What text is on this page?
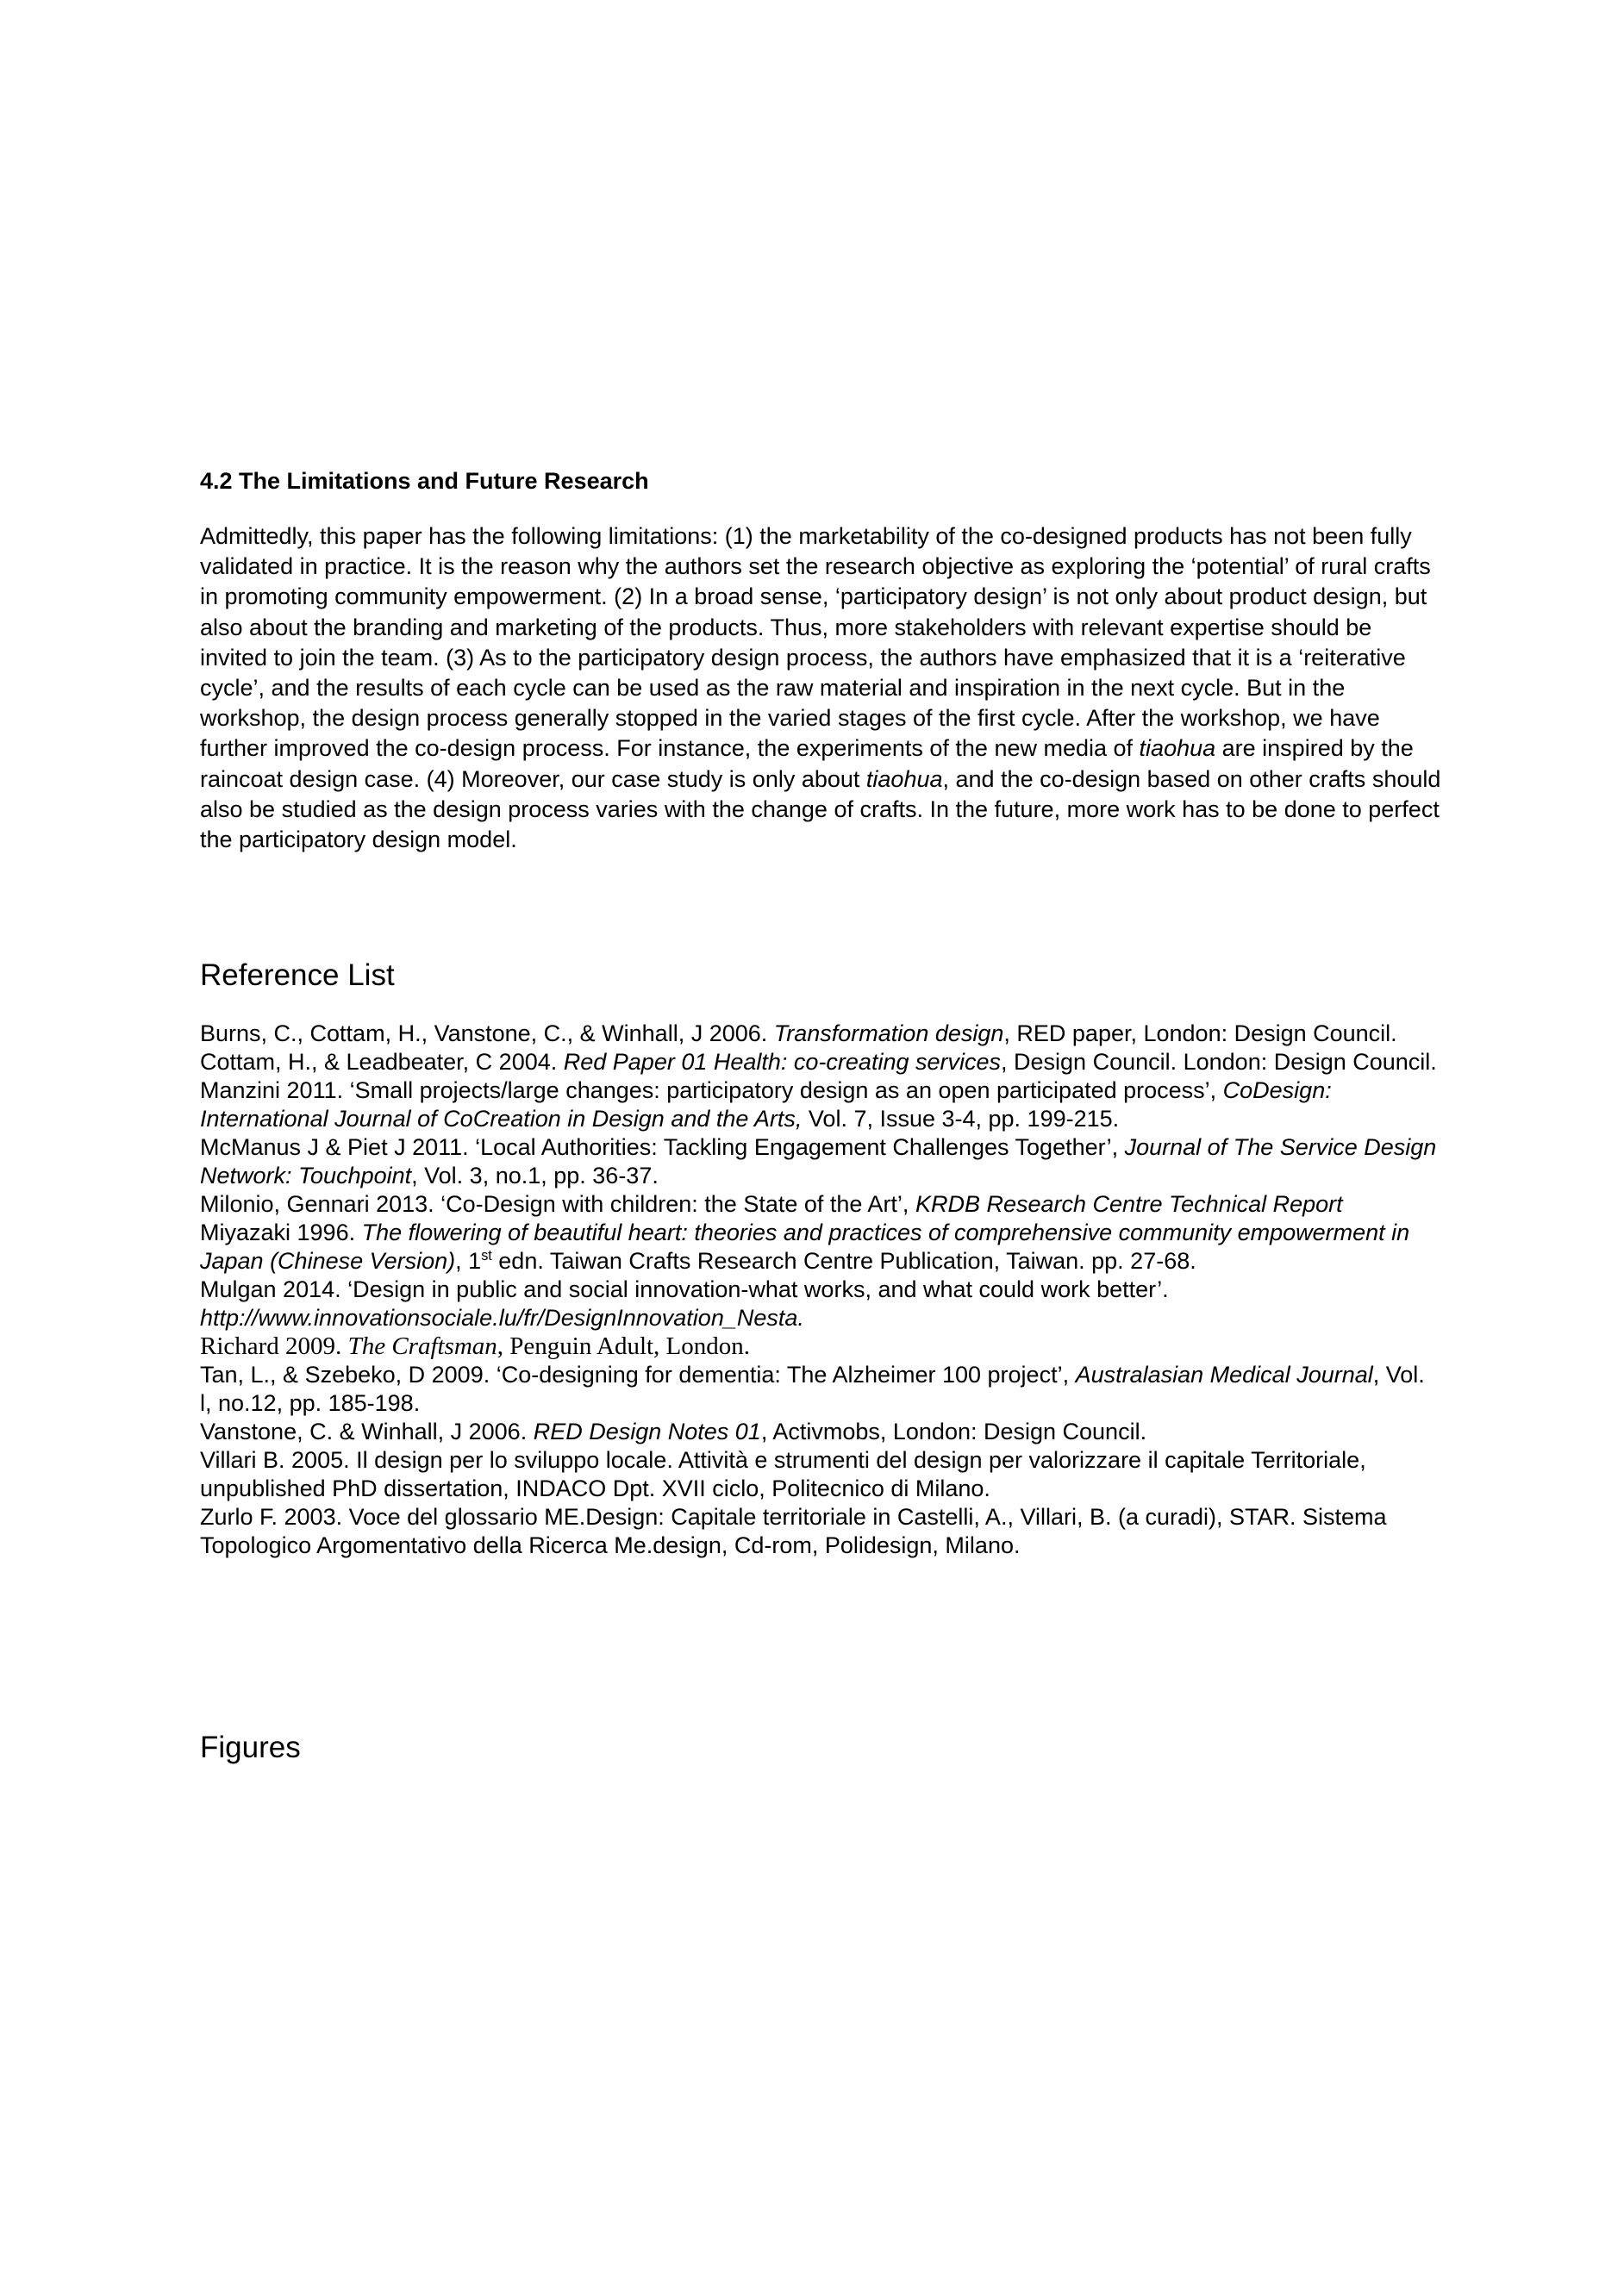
4.2 The Limitations and Future Research

Admittedly, this paper has the following limitations: (1) the marketability of the co-designed products has not been fully validated in practice. It is the reason why the authors set the research objective as exploring the ‘potential’ of rural crafts in promoting community empowerment. (2) In a broad sense, ‘participatory design’ is not only about product design, but also about the branding and marketing of the products. Thus, more stakeholders with relevant expertise should be invited to join the team. (3) As to the participatory design process, the authors have emphasized that it is a ‘reiterative cycle’, and the results of each cycle can be used as the raw material and inspiration in the next cycle. But in the workshop, the design process generally stopped in the varied stages of the first cycle. After the workshop, we have further improved the co-design process. For instance, the experiments of the new media of tiaohua are inspired by the raincoat design case. (4) Moreover, our case study is only about tiaohua, and the co-design based on other crafts should also be studied as the design process varies with the change of crafts. In the future, more work has to be done to perfect the participatory design model.

Reference List
Burns, C., Cottam, H., Vanstone, C., & Winhall, J 2006. Transformation design, RED paper, London: Design Council.
Cottam, H., & Leadbeater, C 2004. Red Paper 01 Health: co-creating services, Design Council. London: Design Council.
Manzini 2011. ‘Small projects/large changes: participatory design as an open participated process’, CoDesign: International Journal of CoCreation in Design and the Arts, Vol. 7, Issue 3-4, pp. 199-215.
McManus J & Piet J 2011. ‘Local Authorities: Tackling Engagement Challenges Together’, Journal of The Service Design Network: Touchpoint, Vol. 3, no.1, pp. 36-37.
Milonio, Gennari 2013. ‘Co-Design with children: the State of the Art’, KRDB Research Centre Technical Report
Miyazaki 1996. The flowering of beautiful heart: theories and practices of comprehensive community empowerment in Japan (Chinese Version), 1st edn. Taiwan Crafts Research Centre Publication, Taiwan. pp. 27-68.
Mulgan 2014. ‘Design in public and social innovation-what works, and what could work better’. http://www.innovationsociale.lu/fr/DesignInnovation_Nesta.
Richard 2009. The Craftsman, Penguin Adult, London.
Tan, L., & Szebeko, D 2009. ‘Co-designing for dementia: The Alzheimer 100 project’, Australasian Medical Journal, Vol. l, no.12, pp. 185-198.
Vanstone, C. & Winhall, J 2006. RED Design Notes 01, Activmobs, London: Design Council.
Villari B. 2005. Il design per lo sviluppo locale. Attività e strumenti del design per valorizzare il capitale Territoriale, unpublished PhD dissertation, INDACO Dpt. XVII ciclo, Politecnico di Milano.
Zurlo F. 2003. Voce del glossario ME.Design: Capitale territoriale in Castelli, A., Villari, B. (a curadi), STAR. Sistema Topologico Argomentativo della Ricerca Me.design, Cd-rom, Polidesign, Milano.
Figures
